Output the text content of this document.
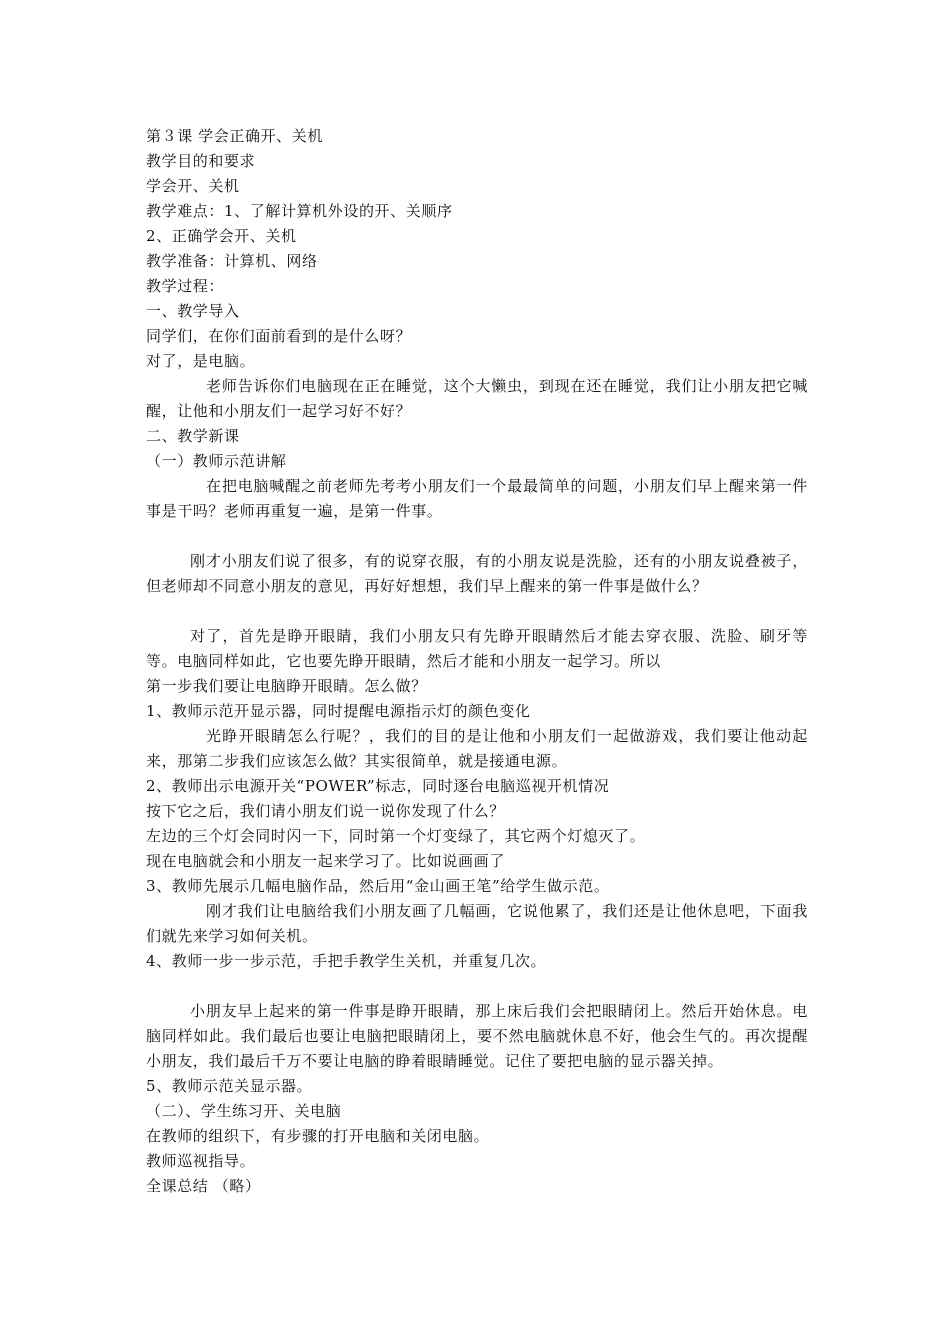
第３课 学会正确开、关机

教学目的和要求

学会开、关机

教学难点：1、了解计算机外设的开、关顺序

2、正确学会开、关机

教学准备：计算机、网络

教学过程：

一、教学导入

同学们，在你们面前看到的是什么呀？

对了，是电脑。

老师告诉你们电脑现在正在睡觉，这个大懒虫，到现在还在睡觉，我们让小朋友把它喊醒，让他和小朋友们一起学习好不好？

二、教学新课

（一）教师示范讲解

在把电脑喊醒之前老师先考考小朋友们一个最最简单的问题，小朋友们早上醒来第一件事是干吗？老师再重复一遍，是第一件事。

刚才小朋友们说了很多，有的说穿衣服，有的小朋友说是洗脸，还有的小朋友说叠被子，但老师却不同意小朋友的意见，再好好想想，我们早上醒来的第一件事是做什么？

对了，首先是睁开眼睛，我们小朋友只有先睁开眼睛然后才能去穿衣服、洗脸、刷牙等等。电脑同样如此，它也要先睁开眼睛，然后才能和小朋友一起学习。所以

第一步我们要让电脑睁开眼睛。怎么做？

1、教师示范开显示器，同时提醒电源指示灯的颜色变化

光睁开眼睛怎么行呢？，我们的目的是让他和小朋友们一起做游戏，我们要让他动起来，那第二步我们应该怎么做？其实很简单，就是接通电源。

2、教师出示电源开关“POWER”标志，同时逐台电脑巡视开机情况

按下它之后，我们请小朋友们说一说你发现了什么？

左边的三个灯会同时闪一下，同时第一个灯变绿了，其它两个灯熄灭了。

现在电脑就会和小朋友一起来学习了。比如说画画了

3、教师先展示几幅电脑作品，然后用“金山画王笔”给学生做示范。

刚才我们让电脑给我们小朋友画了几幅画，它说他累了，我们还是让他休息吧，下面我们就先来学习如何关机。

4、教师一步一步示范，手把手教学生关机，并重复几次。

小朋友早上起来的第一件事是睁开眼睛，那上床后我们会把眼睛闭上。然后开始休息。电脑同样如此。我们最后也要让电脑把眼睛闭上，要不然电脑就休息不好，他会生气的。再次提醒小朋友，我们最后千万不要让电脑的睁着眼睛睡觉。记住了要把电脑的显示器关掉。

5、教师示范关显示器。

（二）、学生练习开、关电脑

在教师的组织下，有步骤的打开电脑和关闭电脑。

教师巡视指导。

全课总结 （略）
